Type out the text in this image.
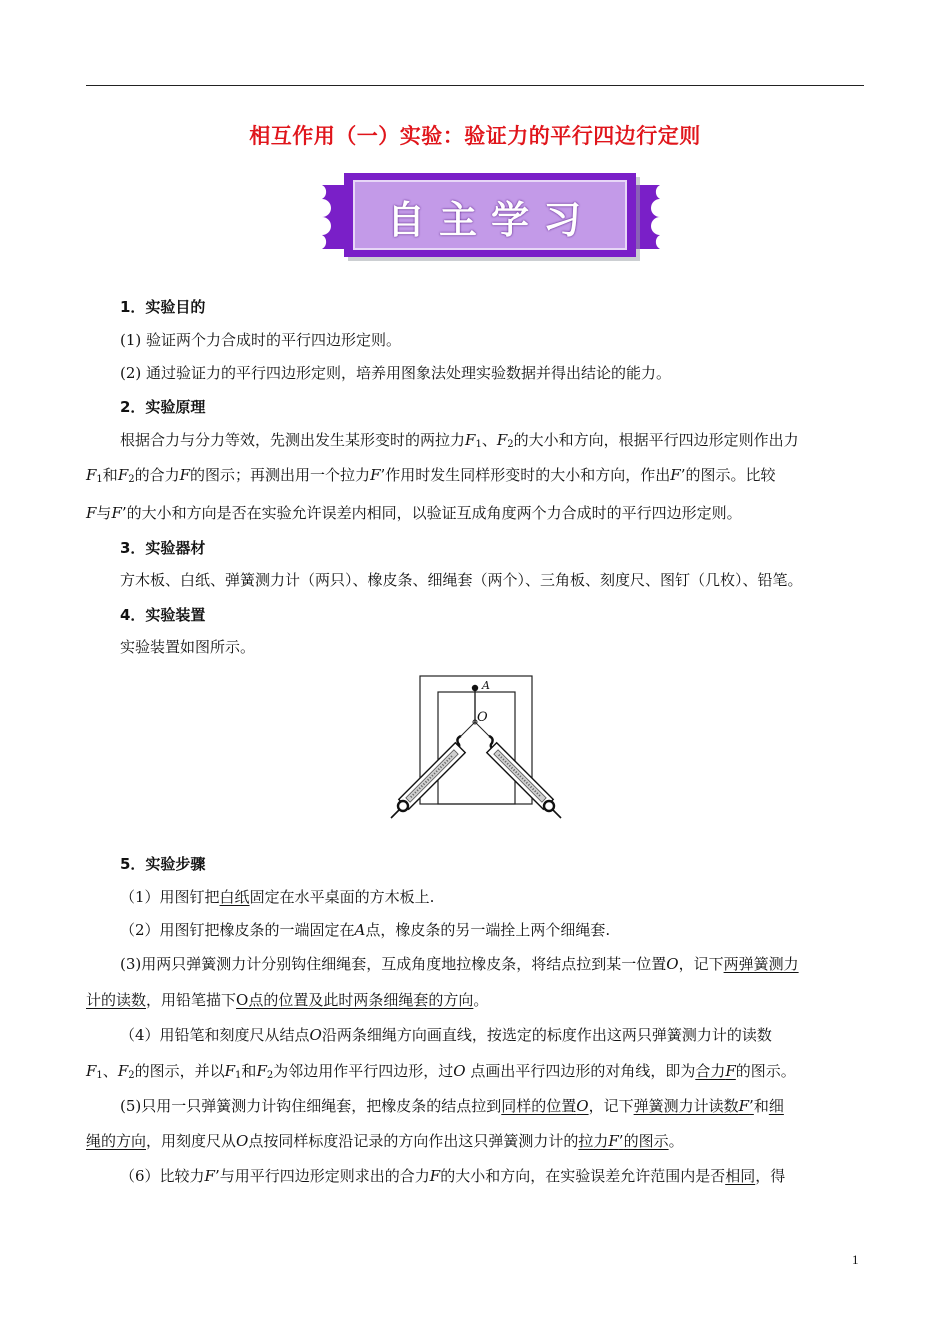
相互作用（一）实验：验证力的平行四边行定则
自主学习
1．实验目的
(1) 验证两个力合成时的平行四边形定则。
(2) 通过验证力的平行四边形定则，培养用图象法处理实验数据并得出结论的能力。
2．实验原理
根据合力与分力等效，先测出发生某形变时的两拉力$F_1$、$F_2$的大小和方向，根据平行四边形定则作出力
$F_1$和$F_2$的合力F的图示；再测出用一个拉力F’作用时发生同样形变时的大小和方向，作出F’的图示。比较
F与F’的大小和方向是否在实验允许误差内相同，以验证互成角度两个力合成时的平行四边形定则。
3．实验器材
方木板、白纸、弹簧测力计（两只）、橡皮条、细绳套（两个）、三角板、刻度尺、图钉（几枚）、铅笔。
4．实验装置
实验装置如图所示。
A
O
5．实验步骤
（1）用图钉把白纸固定在水平桌面的方木板上.
（2）用图钉把橡皮条的一端固定在A点，橡皮条的另一端拴上两个细绳套.
(3)用两只弹簧测力计分别钩住细绳套，互成角度地拉橡皮条，将结点拉到某一位置O，记下两弹簧测力
计的读数，用铅笔描下O点的位置及此时两条细绳套的方向。
（4）用铅笔和刻度尺从结点O沿两条细绳方向画直线，按选定的标度作出这两只弹簧测力计的读数
$F_1$、$F_2$的图示，并以$F_1$和$F_2$为邻边用作平行四边形，过O 点画出平行四边形的对角线，即为合力F的图示。
(5)只用一只弹簧测力计钩住细绳套，把橡皮条的结点拉到同样的位置O，记下弹簧测力计读数F’和细
绳的方向，用刻度尺从O点按同样标度沿记录的方向作出这只弹簧测力计的拉力F’的图示。
（6）比较力F’与用平行四边形定则求出的合力F的大小和方向，在实验误差允许范围内是否相同，得
1
